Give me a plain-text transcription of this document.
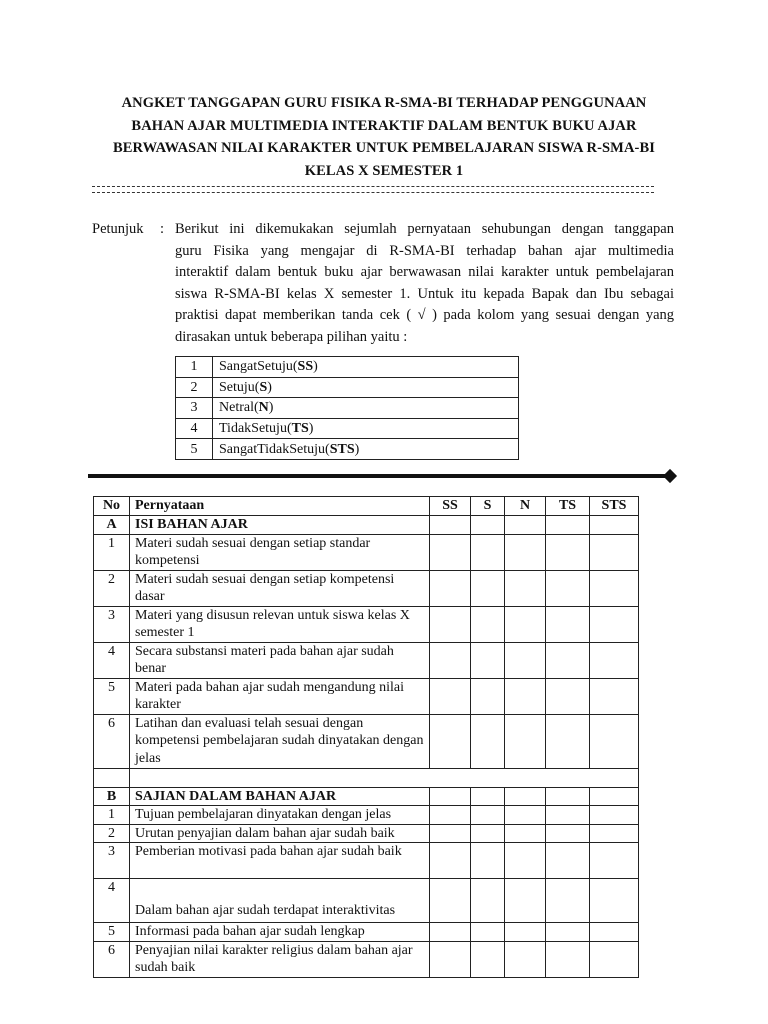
ANGKET TANGGAPAN GURU FISIKA R-SMA-BI TERHADAP PENGGUNAAN
BAHAN AJAR MULTIMEDIA INTERAKTIF DALAM BENTUK BUKU AJAR
BERWAWASAN NILAI KARAKTER UNTUK PEMBELAJARAN SISWA R-SMA-BI
KELAS X SEMESTER 1
Petunjuk : Berikut ini dikemukakan sejumlah pernyataan sehubungan dengan tanggapan
guru Fisika yang mengajar di R-SMA-BI terhadap bahan ajar multimedia
interaktif dalam bentuk buku ajar berwawasan nilai karakter untuk pembelajaran
siswa R-SMA-BI kelas X semester 1. Untuk itu kepada Bapak dan Ibu sebagai
praktisi dapat memberikan tanda cek ( √ ) pada kolom yang sesuai dengan yang
dirasakan untuk beberapa pilihan yaitu :
1	SangatSetuju(SS)
2	Setuju(S)
3	Netral(N)
4	TidakSetuju(TS)
5	SangatTidakSetuju(STS)
No	Pernyataan	SS	S	N	TS	STS
A	ISI BAHAN AJAR					
1	Materi sudah sesuai dengan setiap standar kompetensi					
2	Materi sudah sesuai dengan setiap kompetensi dasar					
3	Materi yang disusun relevan untuk siswa kelas X semester 1					
4	Secara substansi materi pada bahan ajar sudah benar					
5	Materi pada bahan ajar sudah mengandung nilai karakter					
6	Latihan dan evaluasi telah sesuai dengan kompetensi pembelajaran sudah dinyatakan dengan jelas					

B	SAJIAN DALAM BAHAN AJAR					
1	Tujuan pembelajaran dinyatakan dengan jelas					
2	Urutan penyajian dalam bahan ajar sudah baik					
3	Pemberian motivasi pada bahan ajar sudah baik					
4	Dalam bahan ajar sudah terdapat interaktivitas					
5	Informasi pada bahan ajar sudah lengkap					
6	Penyajian nilai karakter religius dalam bahan ajar sudah baik					
